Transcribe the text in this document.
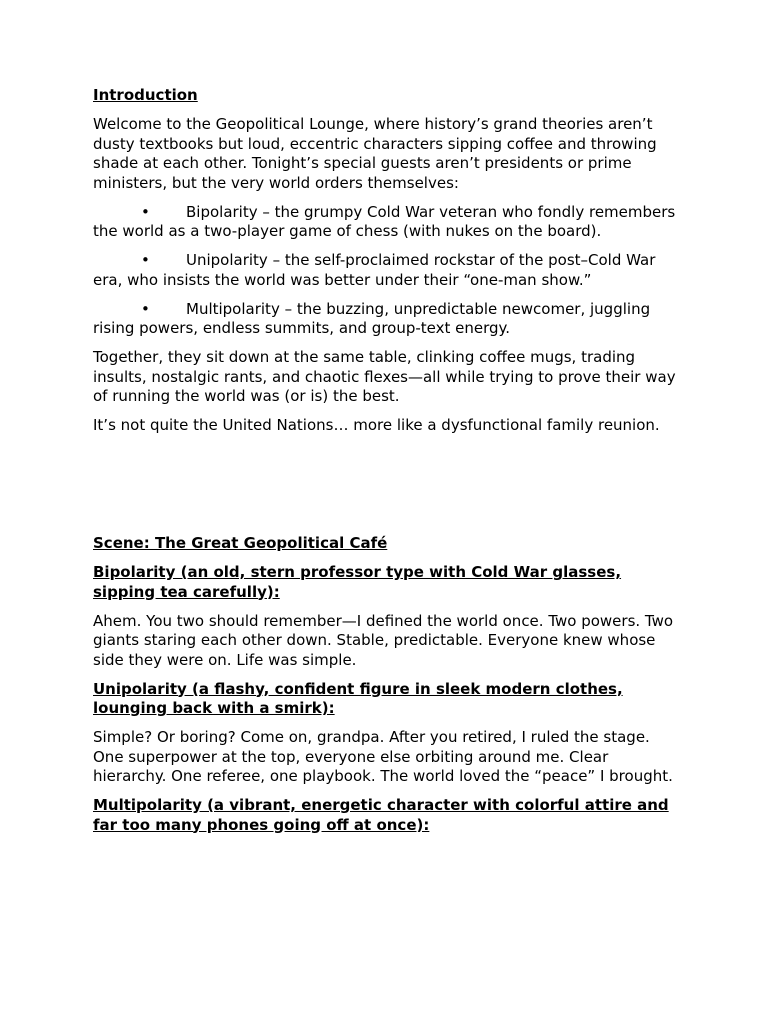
Introduction
Welcome to the Geopolitical Lounge, where history’s grand theories aren’t dusty textbooks but loud, eccentric characters sipping coffee and throwing shade at each other. Tonight’s special guests aren’t presidents or prime ministers, but the very world orders themselves:
• Bipolarity – the grumpy Cold War veteran who fondly remembers the world as a two-player game of chess (with nukes on the board).
• Unipolarity – the self-proclaimed rockstar of the post–Cold War era, who insists the world was better under their “one-man show.”
• Multipolarity – the buzzing, unpredictable newcomer, juggling rising powers, endless summits, and group-text energy.
Together, they sit down at the same table, clinking coffee mugs, trading insults, nostalgic rants, and chaotic flexes—all while trying to prove their way of running the world was (or is) the best.
It’s not quite the United Nations… more like a dysfunctional family reunion.
Scene: The Great Geopolitical Café
Bipolarity (an old, stern professor type with Cold War glasses, sipping tea carefully):
Ahem. You two should remember—I defined the world once. Two powers. Two giants staring each other down. Stable, predictable. Everyone knew whose side they were on. Life was simple.
Unipolarity (a flashy, confident figure in sleek modern clothes, lounging back with a smirk):
Simple? Or boring? Come on, grandpa. After you retired, I ruled the stage. One superpower at the top, everyone else orbiting around me. Clear hierarchy. One referee, one playbook. The world loved the “peace” I brought.
Multipolarity (a vibrant, energetic character with colorful attire and far too many phones going off at once):
